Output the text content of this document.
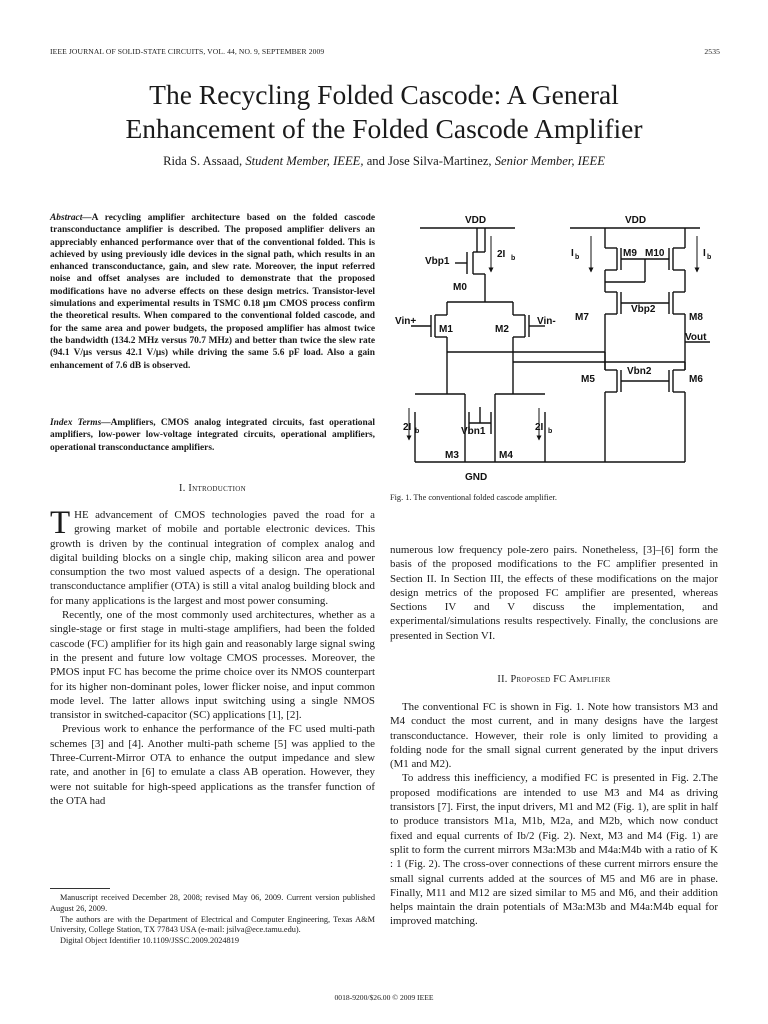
IEEE JOURNAL OF SOLID-STATE CIRCUITS, VOL. 44, NO. 9, SEPTEMBER 2009	2535
The Recycling Folded Cascode: A General
Enhancement of the Folded Cascode Amplifier
Rida S. Assaad, Student Member, IEEE, and Jose Silva-Martinez, Senior Member, IEEE
Abstract—A recycling amplifier architecture based on the folded cascode transconductance amplifier is described. The proposed amplifier delivers an appreciably enhanced performance over that of the conventional folded. This is achieved by using previously idle devices in the signal path, which results in an enhanced transconductance, gain, and slew rate. Moreover, the input referred noise and offset analyses are included to demonstrate that the proposed modifications have no adverse effects on these design metrics. Transistor-level simulations and experimental results in TSMC 0.18 μm CMOS process confirm the theoretical results. When compared to the conventional folded cascode, and for the same area and power budgets, the proposed amplifier has almost twice the bandwidth (134.2 MHz versus 70.7 MHz) and better than twice the slew rate (94.1 V/μs versus 42.1 V/μs) while driving the same 5.6 pF load. Also a gain enhancement of 7.6 dB is observed.
Index Terms—Amplifiers, CMOS analog integrated circuits, fast operational amplifiers, low-power low-voltage integrated circuits, operational amplifiers, operational transconductance amplifiers.
I. Introduction

THE advancement of CMOS technologies paved the road for a growing market of mobile and portable electronic devices. This growth is driven by the continual integration of complex analog and digital building blocks on a single chip, making silicon area and power consumption the two most valued aspects of a design. The operational transconductance amplifier (OTA) is still a vital analog building block and for many applications is the largest and most power consuming.

Recently, one of the most commonly used architectures, whether as a single-stage or first stage in multi-stage amplifiers, had been the folded cascode (FC) amplifier for its high gain and reasonably large signal swing in the present and future low voltage CMOS processes. Moreover, the PMOS input FC has become the prime choice over its NMOS counterpart for its higher non-dominant poles, lower flicker noise, and input common mode level. The latter allows input switching using a single NMOS transistor in switched-capacitor (SC) applications [1], [2].

Previous work to enhance the performance of the FC used multi-path schemes [3] and [4]. Another multi-path scheme [5] was applied to the Three-Current-Mirror OTA to enhance the output impedance and slew rate, and another in [6] to emulate a class AB operation. However, they were not suitable for high-speed applications as the transfer function of the OTA had

Manuscript received December 28, 2008; revised May 06, 2009. Current version published August 26, 2009.

The authors are with the Department of Electrical and Computer Engineering, Texas A&M University, College Station, TX 77843 USA (e-mail: jsilva@ece.tamu.edu).

Digital Object Identifier 10.1109/JSSC.2009.2024819

VDD	VDD
Vbp1
M0
2I
Vin+	Vin-
M1	M2
2I	2I
Vbn1
M3	M4
GND
I	I
M9 M10
Vbp2
M7	M8
Vout
Vbn2
M5	M6
b
b	b
b	b
Fig. 1. The conventional folded cascode amplifier.

numerous low frequency pole-zero pairs. Nonetheless, [3]–[6] form the basis of the proposed modifications to the FC amplifier presented in Section II. In Section III, the effects of these modifications on the major design metrics of the proposed FC amplifier are presented, whereas Sections IV and V discuss the implementation, and experimental/simulations results respectively. Finally, the conclusions are presented in Section VI.

II. Proposed FC Amplifier

The conventional FC is shown in Fig. 1. Note how transistors M3 and M4 conduct the most current, and in many designs have the largest transconductance. However, their role is only limited to providing a folding node for the small signal current generated by the input drivers (M1 and M2).

To address this inefficiency, a modified FC is presented in Fig. 2.The proposed modifications are intended to use M3 and M4 as driving transistors [7]. First, the input drivers, M1 and M2 (Fig. 1), are split in half to produce transistors M1a, M1b, M2a, and M2b, which now conduct fixed and equal currents of Ib/2 (Fig. 2). Next, M3 and M4 (Fig. 1) are split to form the current mirrors M3a:M3b and M4a:M4b with a ratio of K : 1 (Fig. 2). The cross-over connections of these current mirrors ensure the small signal currents added at the sources of M5 and M6 are in phase. Finally, M11 and M12 are sized similar to M5 and M6, and their addition helps maintain the drain potentials of M3a:M3b and M4a:M4b equal for improved matching.

0018-9200/$26.00 © 2009 IEEE
